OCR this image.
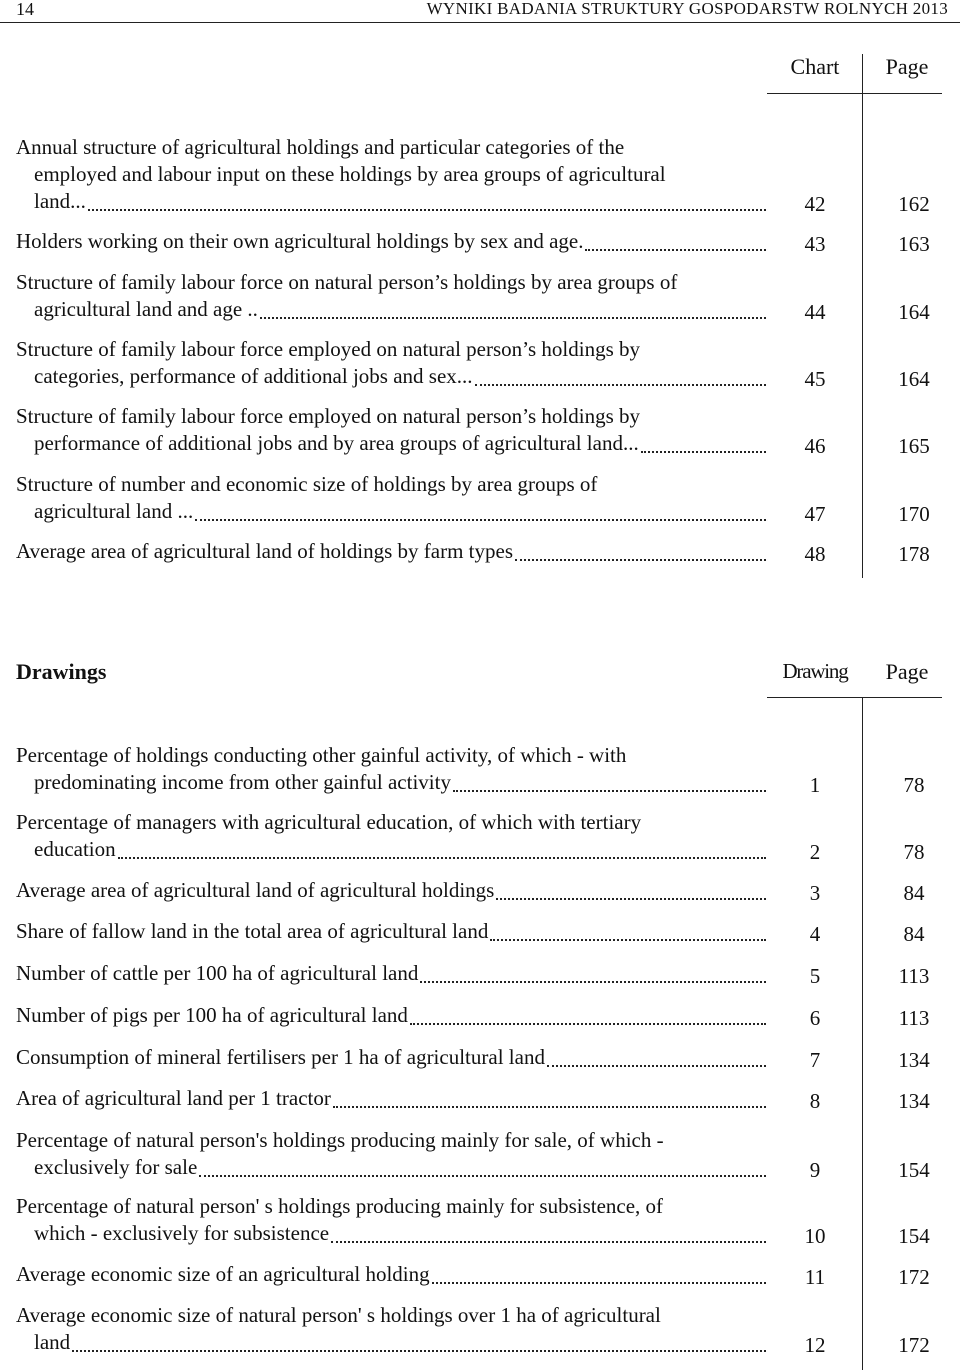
14	WYNIKI BADANIA STRUKTURY GOSPODARSTW ROLNYCH 2013
Chart	Page
Annual structure of agricultural holdings and particular categories of the
employed and labour input on these holdings by area groups of agricultural
land...	42	162
Holders working on their own agricultural holdings by sex and age.	43	163
Structure of family labour force on natural person’s holdings by area groups of
agricultural land and age ..	44	164
Structure of family labour force employed on natural person’s holdings by
categories, performance of additional jobs and sex...	45	164
Structure of family labour force employed on natural person’s holdings by
performance of additional jobs and by area groups of agricultural land...	46	165
Structure of number and economic size of holdings by area groups of
agricultural land ...	47	170
Average area of agricultural land of holdings by farm types	48	178
Drawings	Drawing	Page
Percentage of holdings conducting other gainful activity, of which - with
predominating income from other gainful activity	1	78
Percentage of managers with agricultural education, of which with tertiary
education	2	78
Average area of agricultural land of agricultural holdings	3	84
Share of fallow land in the total area of agricultural land	4	84
Number of cattle per 100 ha of agricultural land	5	113
Number of pigs per 100 ha of agricultural land	6	113
Consumption of mineral fertilisers per 1 ha of agricultural land	7	134
Area of agricultural land per 1 tractor	8	134
Percentage of natural person's holdings producing mainly for sale, of which -
exclusively for sale	9	154
Percentage of natural person' s holdings producing mainly for subsistence, of
which - exclusively for subsistence	10	154
Average economic size of an agricultural holding	11	172
Average economic size of natural person' s holdings over 1 ha of agricultural
land	12	172
